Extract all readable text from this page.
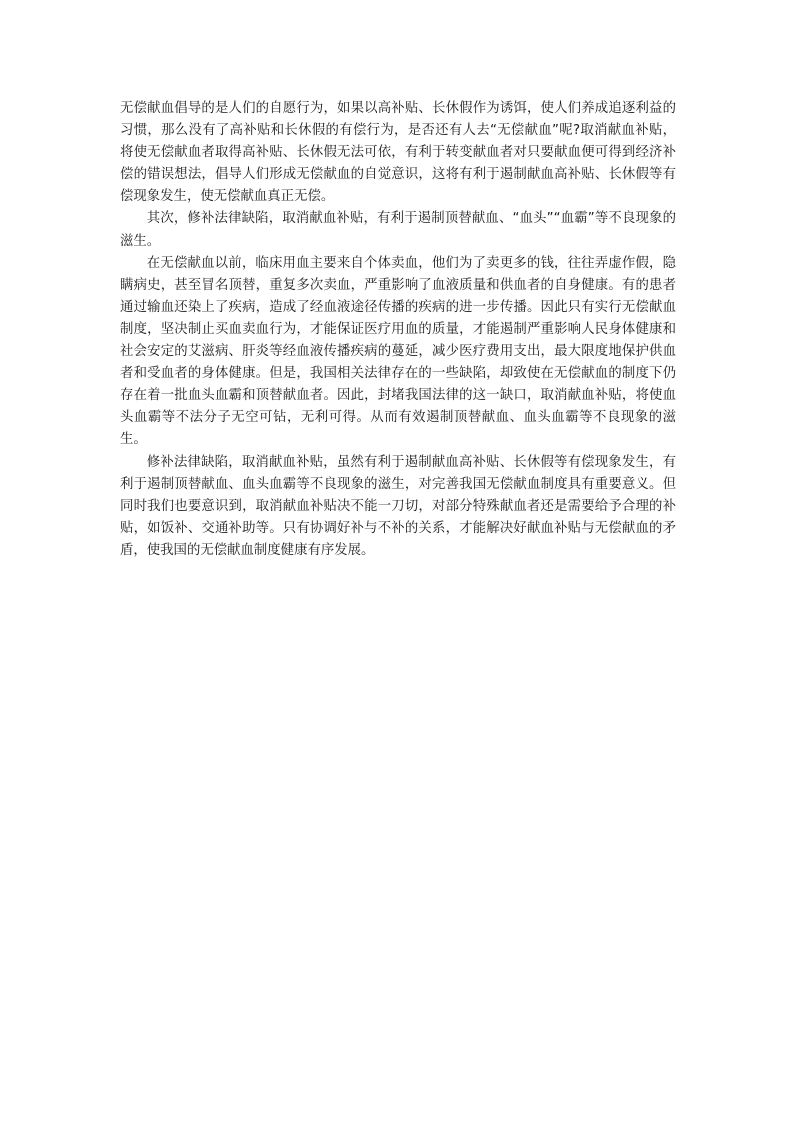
无偿献血倡导的是人们的自愿行为，如果以高补贴、长休假作为诱饵，使人们养成追逐利益的习惯，那么没有了高补贴和长休假的有偿行为，是否还有人去“无偿献血”呢?取消献血补贴，将使无偿献血者取得高补贴、长休假无法可依，有利于转变献血者对只要献血便可得到经济补偿的错误想法，倡导人们形成无偿献血的自觉意识，这将有利于遏制献血高补贴、长休假等有偿现象发生，使无偿献血真正无偿。

其次，修补法律缺陷，取消献血补贴，有利于遏制顶替献血、“血头”“血霸”等不良现象的滋生。

在无偿献血以前，临床用血主要来自个体卖血，他们为了卖更多的钱，往往弄虚作假，隐瞒病史，甚至冒名顶替，重复多次卖血，严重影响了血液质量和供血者的自身健康。有的患者通过输血还染上了疾病，造成了经血液途径传播的疾病的进一步传播。因此只有实行无偿献血制度，坚决制止买血卖血行为，才能保证医疗用血的质量，才能遏制严重影响人民身体健康和社会安定的艾滋病、肝炎等经血液传播疾病的蔓延，减少医疗费用支出，最大限度地保护供血者和受血者的身体健康。但是，我国相关法律存在的一些缺陷，却致使在无偿献血的制度下仍存在着一批血头血霸和顶替献血者。因此，封堵我国法律的这一缺口，取消献血补贴，将使血头血霸等不法分子无空可钻，无利可得。从而有效遏制顶替献血、血头血霸等不良现象的滋生。

修补法律缺陷，取消献血补贴，虽然有利于遏制献血高补贴、长休假等有偿现象发生，有利于遏制顶替献血、血头血霸等不良现象的滋生，对完善我国无偿献血制度具有重要意义。但同时我们也要意识到，取消献血补贴决不能一刀切，对部分特殊献血者还是需要给予合理的补贴，如饭补、交通补助等。只有协调好补与不补的关系，才能解决好献血补贴与无偿献血的矛盾，使我国的无偿献血制度健康有序发展。
